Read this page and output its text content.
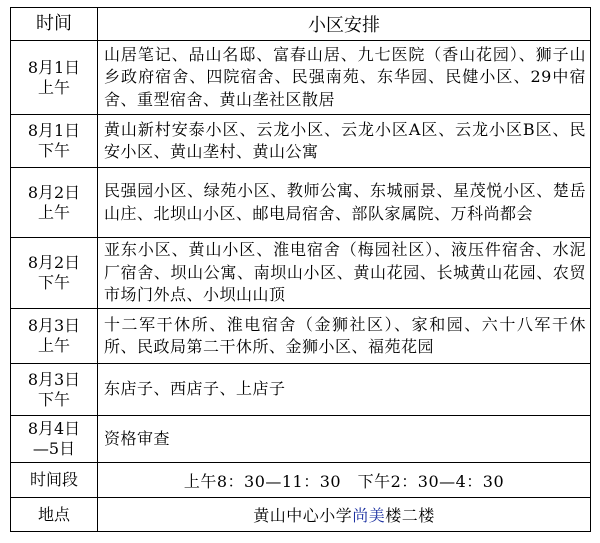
时间	小区安排
8月1日
上午	山居笔记、品山名邸、富春山居、九七医院（香山花园）、狮子山乡政府宿舍、四院宿舍、民强南苑、东华园、民健小区、29中宿舍、重型宿舍、黄山垄社区散居
8月1日
下午	黄山新村安泰小区、云龙小区、云龙小区A区、云龙小区B区、民安小区、黄山垄村、黄山公寓
8月2日
上午	民强园小区、绿苑小区、教师公寓、东城丽景、星茂悦小区、楚岳山庄、北坝山小区、邮电局宿舍、部队家属院、万科尚都会
8月2日
下午	亚东小区、黄山小区、淮电宿舍（梅园社区）、液压件宿舍、水泥厂宿舍、坝山公寓、南坝山小区、黄山花园、长城黄山花园、农贸市场门外点、小坝山山顶
8月3日
上午	十二军干休所、淮电宿舍（金狮社区）、家和园、六十八军干休所、民政局第二干休所、金狮小区、福苑花园
8月3日
下午	东店子、西店子、上店子
8月4日
—5日	资格审查
时间段	上午8：30—11：30　下午2：30—4：30
地点	黄山中心小学尚美楼二楼
